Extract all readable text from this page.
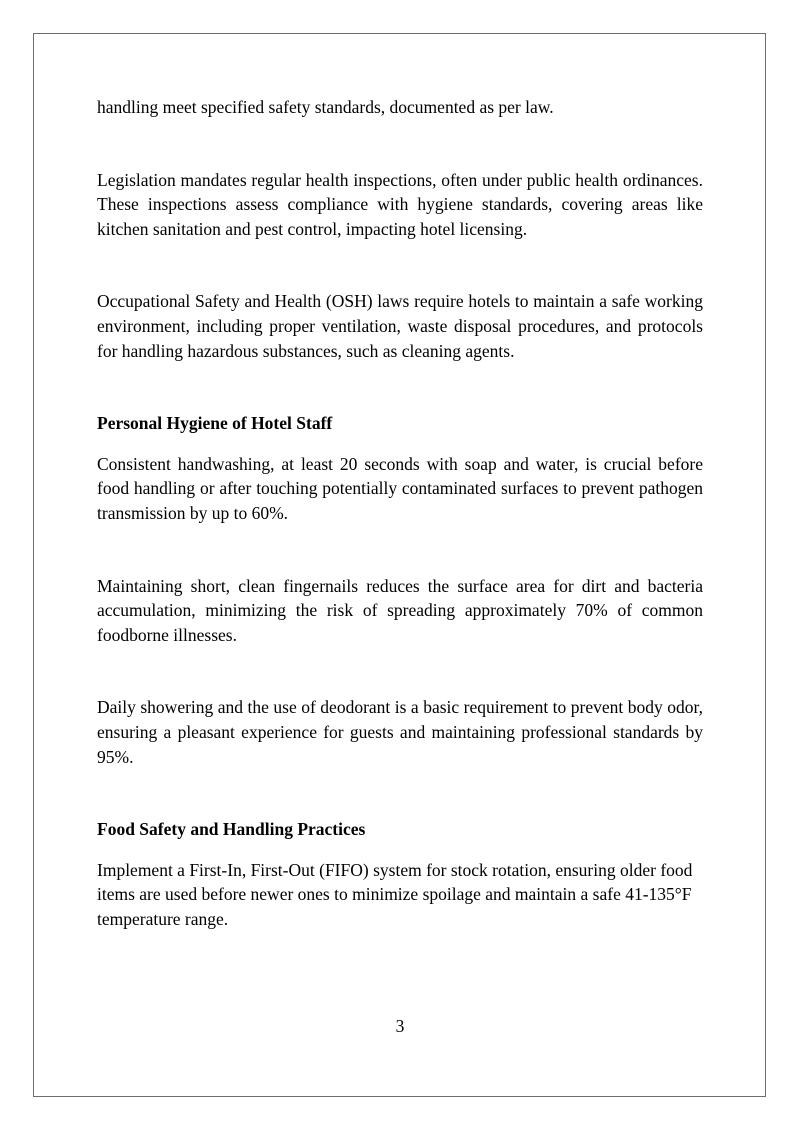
handling meet specified safety standards, documented as per law.

Legislation mandates regular health inspections, often under public health ordinances. These inspections assess compliance with hygiene standards, covering areas like kitchen sanitation and pest control, impacting hotel licensing.

Occupational Safety and Health (OSH) laws require hotels to maintain a safe working environment, including proper ventilation, waste disposal procedures, and protocols for handling hazardous substances, such as cleaning agents.

Personal Hygiene of Hotel Staff

Consistent handwashing, at least 20 seconds with soap and water, is crucial before food handling or after touching potentially contaminated surfaces to prevent pathogen transmission by up to 60%.

Maintaining short, clean fingernails reduces the surface area for dirt and bacteria accumulation, minimizing the risk of spreading approximately 70% of common foodborne illnesses.

Daily showering and the use of deodorant is a basic requirement to prevent body odor, ensuring a pleasant experience for guests and maintaining professional standards by 95%.

Food Safety and Handling Practices

Implement a First-In, First-Out (FIFO) system for stock rotation, ensuring older food items are used before newer ones to minimize spoilage and maintain a safe 41-135°F temperature range.

3
